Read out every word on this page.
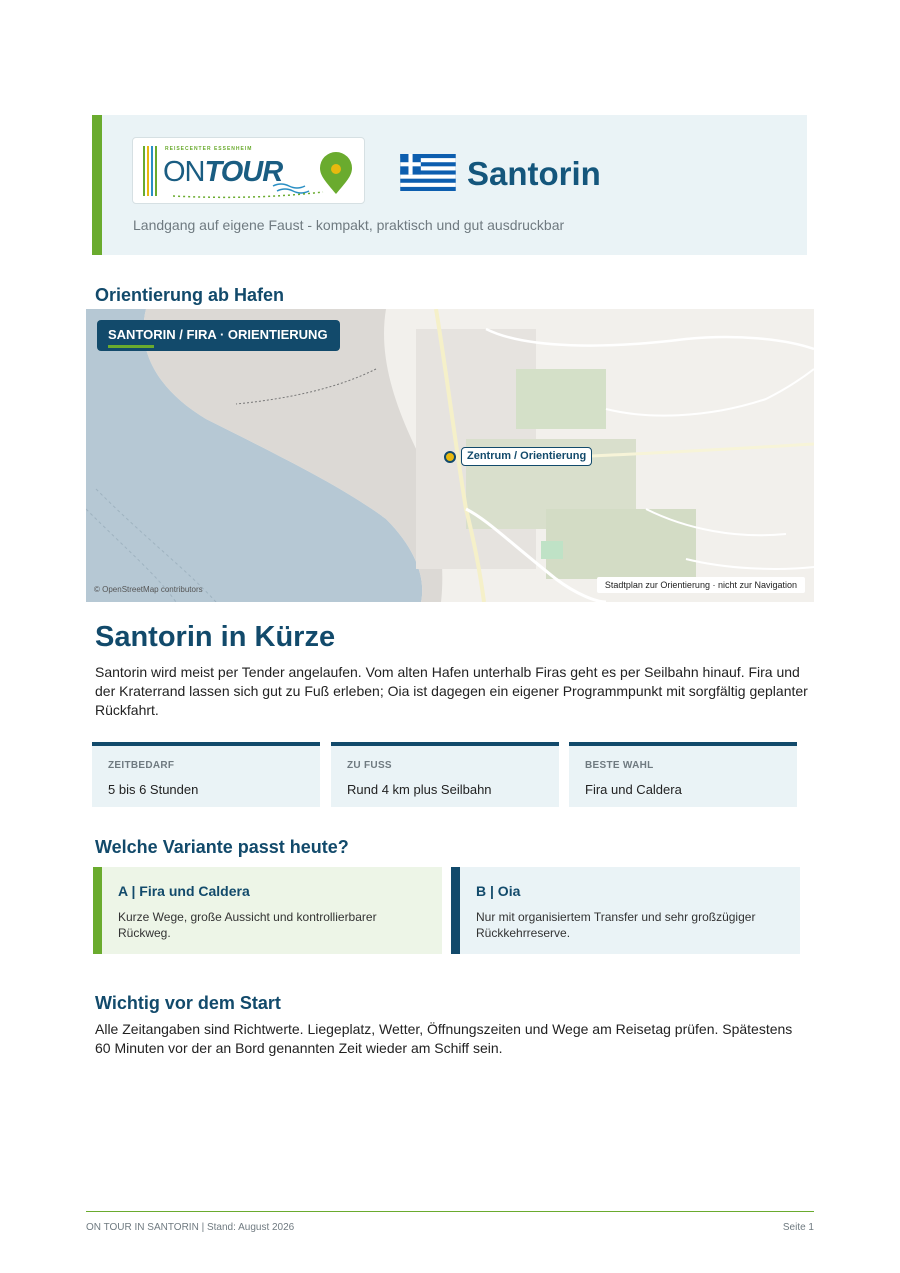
REISECENTER ESSENHEIM
ONTOUR	Santorin
Landgang auf eigene Faust - kompakt, praktisch und gut ausdruckbar
Orientierung ab Hafen
SANTORIN / FIRA · ORIENTIERUNG
Zentrum / Orientierung
© OpenStreetMap contributors	Stadtplan zur Orientierung · nicht zur Navigation
Santorin in Kürze
Santorin wird meist per Tender angelaufen. Vom alten Hafen unterhalb Firas geht es per Seilbahn hinauf. Fira und der Kraterrand lassen sich gut zu Fuß erleben; Oia ist dagegen ein eigener Programmpunkt mit sorgfältig geplanter Rückfahrt.
ZEITBEDARF
5 bis 6 Stunden
ZU FUSS
Rund 4 km plus Seilbahn
BESTE WAHL
Fira und Caldera
Welche Variante passt heute?
A | Fira und Caldera
Kurze Wege, große Aussicht und kontrollierbarer Rückweg.
B | Oia
Nur mit organisiertem Transfer und sehr großzügiger Rückkehrreserve.
Wichtig vor dem Start
Alle Zeitangaben sind Richtwerte. Liegeplatz, Wetter, Öffnungszeiten und Wege am Reisetag prüfen. Spätestens 60 Minuten vor der an Bord genannten Zeit wieder am Schiff sein.
ON TOUR IN SANTORIN | Stand: August 2026	Seite 1
